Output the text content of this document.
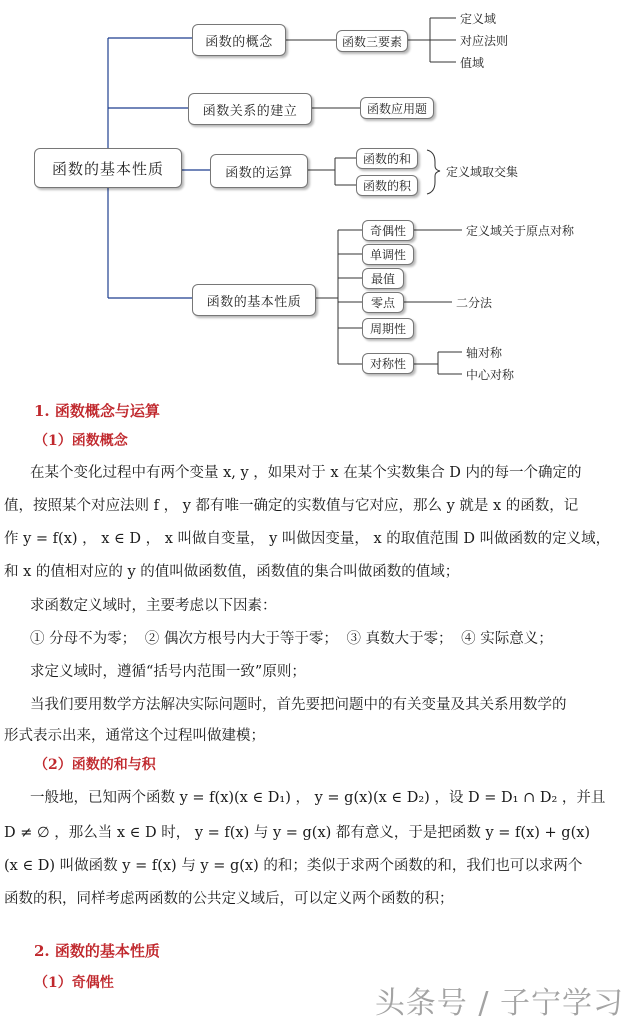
函数的基本性质
函数的概念	函数三要素
定义域
对应法则
值域
函数关系的建立	函数应用题
函数的运算
函数的和
函数的积
定义域取交集
函数的基本性质
奇偶性
单调性
最值
零点
周期性
对称性
定义域关于原点对称
二分法
轴对称
中心对称
1. 函数概念与运算
（1）函数概念
在某个变化过程中有两个变量 x, y ，如果对于 x 在某个实数集合 D 内的每一个确定的
值，按照某个对应法则 f ， y 都有唯一确定的实数值与它对应，那么 y 就是 x 的函数，记
作 y = f(x) ， x ∈ D ， x 叫做自变量， y 叫做因变量， x 的取值范围 D 叫做函数的定义域，
和 x 的值相对应的 y 的值叫做函数值，函数值的集合叫做函数的值域；
求函数定义域时，主要考虑以下因素：
① 分母不为零； ② 偶次方根号内大于等于零； ③ 真数大于零； ④ 实际意义；
求定义域时，遵循“括号内范围一致”原则；
当我们要用数学方法解决实际问题时，首先要把问题中的有关变量及其关系用数学的
形式表示出来，通常这个过程叫做建模；
（2）函数的和与积
一般地，已知两个函数 y = f(x)(x ∈ D₁) ， y = g(x)(x ∈ D₂) ，设 D = D₁ ∩ D₂ ，并且
D ≠ ∅ ，那么当 x ∈ D 时， y = f(x) 与 y = g(x) 都有意义，于是把函数 y = f(x) + g(x)
(x ∈ D) 叫做函数 y = f(x) 与 y = g(x) 的和；类似于求两个函数的和，我们也可以求两个
函数的积，同样考虑两函数的公共定义域后，可以定义两个函数的积；
2. 函数的基本性质
（1）奇偶性
头条号 / 子宁学习
